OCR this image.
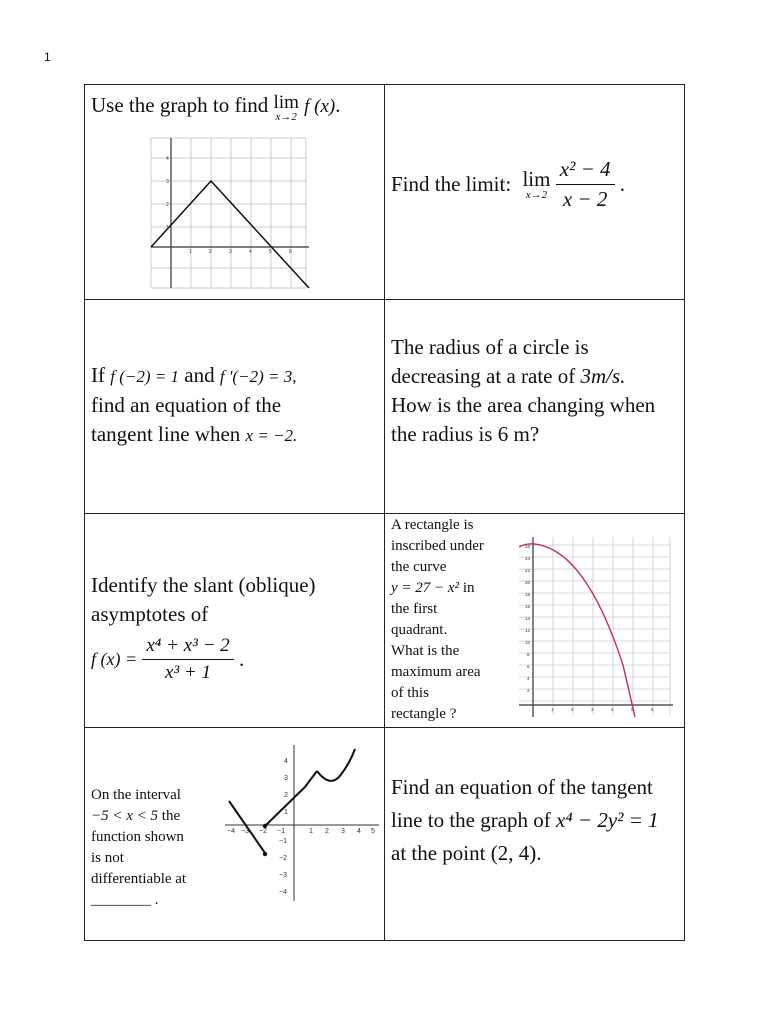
1
Use the graph to find lim
x→2
f (x).
1	2	3	4	5	6
1
2
3
4
Find the limit: lim
x→2
$\frac{\text{x² − 4}}{x - 2}$ .
If f (−2) = 1 and f '(−2) = 3,
find an equation of the
tangent line when x = −2.
The radius of a circle is
decreasing at a rate of 3m/s.
How is the area changing when
the radius is 6 m?
Identify the slant (oblique)
asymptotes of
f $(x) = \frac{\text{x⁴ + x³ − 2}}{\text{x³ + 1}}$ .
A rectangle is
inscribed under
the curve
y = 27 − x² in
the first
quadrant.
What is the
maximum area
of this
rectangle ?
26
24
22
20
18
16
14
12
10
8
6
4
2
1	2	3	4	5	6
On the interval
−5 < x < 5 the
function shown
is not
differentiable at
________ .
−4 −3 −2 −1	1 2 3 4 5
4
3
2
1
−1
−2
−3
−4
Find an equation of the tangent
line to the graph of x⁴ − 2y² = 1
at the point (2, 4).
